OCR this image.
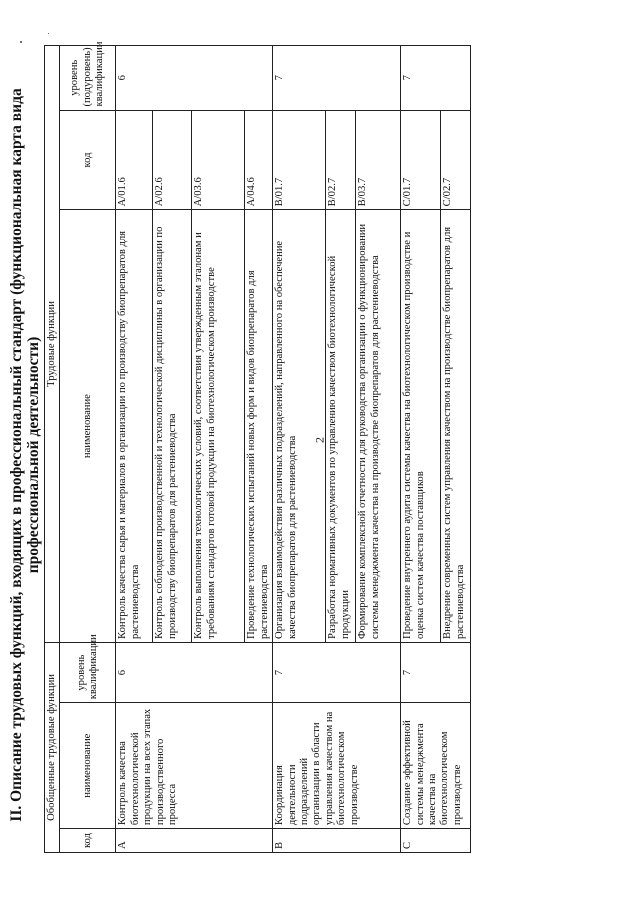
2
II. Описание трудовых функций, входящих в профессиональный стандарт (функциональная карта вида профессиональной деятельности)
Обобщенные трудовые функции			Трудовые функции		
код	наименование	уровень квалификации	наименование	код	уровень (подуровень) квалификации
A	Контроль качества биотехнологической продукции на всех этапах производственного процесса	6	Контроль качества сырья и материалов в организации по производству биопрепаратов для растениеводства	A/01.6	6
			Контроль соблюдения производственной и технологической дисциплины в организации по производству биопрепаратов для растениеводства	A/02.6	
			Контроль выполнения технологических условий, соответствия утвержденным эталонам и требованиям стандартов готовой продукции на биотехнологическом производстве	A/03.6	
			Проведение технологических испытаний новых форм и видов биопрепаратов для растениеводства	A/04.6	
B	Координация деятельности подразделений организации в области управления качеством на биотехнологическом производстве	7	Организация взаимодействия различных подразделений, направленного на обеспечение качества биопрепаратов для растениеводства	B/01.7	7
			Разработка нормативных документов по управлению качеством биотехнологической продукции	B/02.7	
			Формирование комплексной отчетности для руководства организации о функционировании системы менеджмента качества на производстве биопрепаратов для растениеводства	B/03.7	
C	Создание эффективной системы менеджмента качества на биотехнологическом производстве	7	Проведение внутреннего аудита системы качества на биотехнологическом производстве и оценка систем качества поставщиков	C/01.7	7
			Внедрение современных систем управления качеством на производстве биопрепаратов для растениеводства	C/02.7	
